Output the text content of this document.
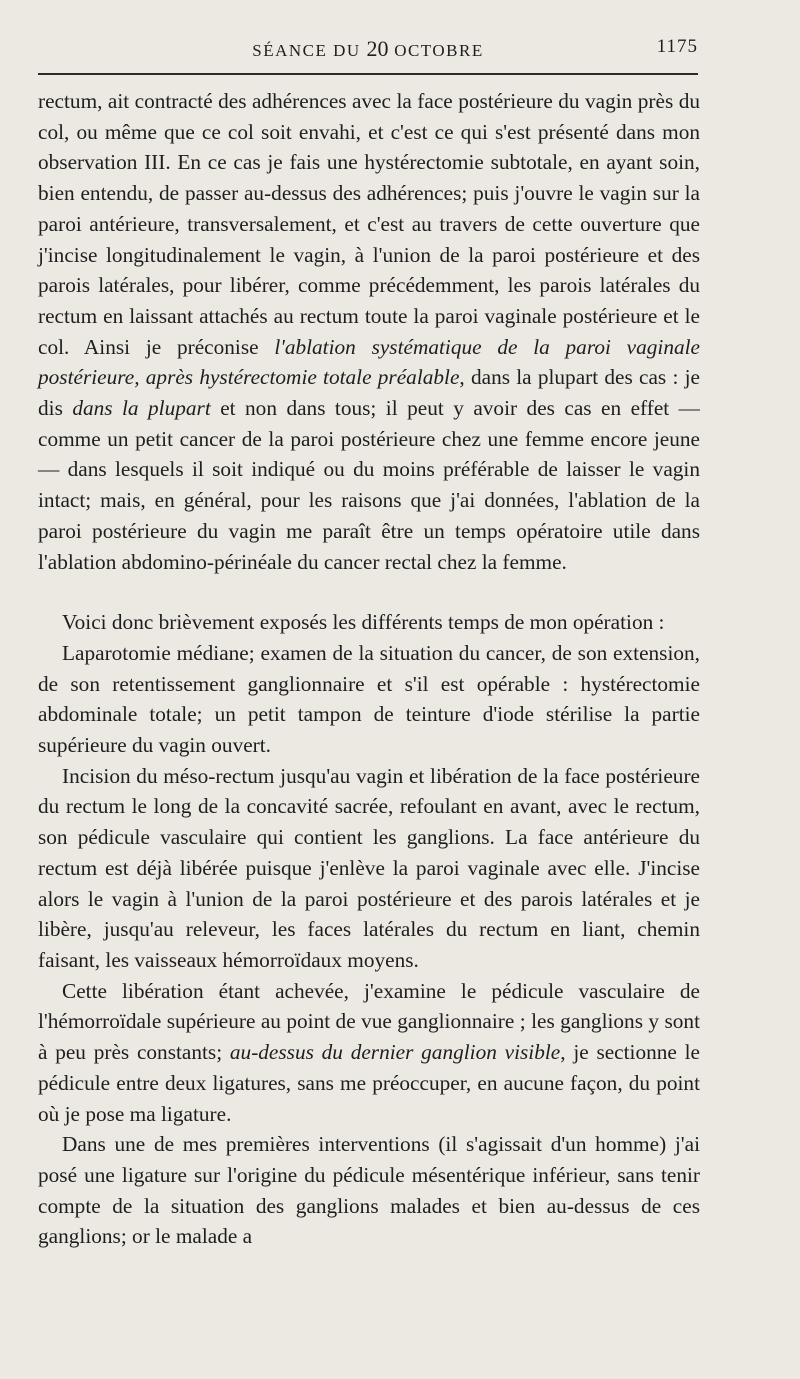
SÉANCE DU 20 OCTOBRE	1175

rectum, ait contracté des adhérences avec la face postérieure du vagin près du col, ou même que ce col soit envahi, et c'est ce qui s'est présenté dans mon observation III. En ce cas je fais une hystérectomie subtotale, en ayant soin, bien entendu, de passer au-dessus des adhérences; puis j'ouvre le vagin sur la paroi antérieure, transversalement, et c'est au travers de cette ouverture que j'incise longitudinalement le vagin, à l'union de la paroi postérieure et des parois latérales, pour libérer, comme précédemment, les parois latérales du rectum en laissant attachés au rectum toute la paroi vaginale postérieure et le col. Ainsi je préconise l'ablation systématique de la paroi vaginale postérieure, après hystérectomie totale préalable, dans la plupart des cas : je dis dans la plupart et non dans tous; il peut y avoir des cas en effet — comme un petit cancer de la paroi postérieure chez une femme encore jeune — dans lesquels il soit indiqué ou du moins préférable de laisser le vagin intact; mais, en général, pour les raisons que j'ai données, l'ablation de la paroi postérieure du vagin me paraît être un temps opératoire utile dans l'ablation abdomino-périnéale du cancer rectal chez la femme.

Voici donc brièvement exposés les différents temps de mon opération :

Laparotomie médiane; examen de la situation du cancer, de son extension, de son retentissement ganglionnaire et s'il est opérable : hystérectomie abdominale totale; un petit tampon de teinture d'iode stérilise la partie supérieure du vagin ouvert.

Incision du méso-rectum jusqu'au vagin et libération de la face postérieure du rectum le long de la concavité sacrée, refoulant en avant, avec le rectum, son pédicule vasculaire qui contient les ganglions. La face antérieure du rectum est déjà libérée puisque j'enlève la paroi vaginale avec elle. J'incise alors le vagin à l'union de la paroi postérieure et des parois latérales et je libère, jusqu'au releveur, les faces latérales du rectum en liant, chemin faisant, les vaisseaux hémorroïdaux moyens.

Cette libération étant achevée, j'examine le pédicule vasculaire de l'hémorroïdale supérieure au point de vue ganglionnaire ; les ganglions y sont à peu près constants; au-dessus du dernier ganglion visible, je sectionne le pédicule entre deux ligatures, sans me préoccuper, en aucune façon, du point où je pose ma ligature.

Dans une de mes premières interventions (il s'agissait d'un homme) j'ai posé une ligature sur l'origine du pédicule mésentérique inférieur, sans tenir compte de la situation des ganglions malades et bien au-dessus de ces ganglions; or le malade a
